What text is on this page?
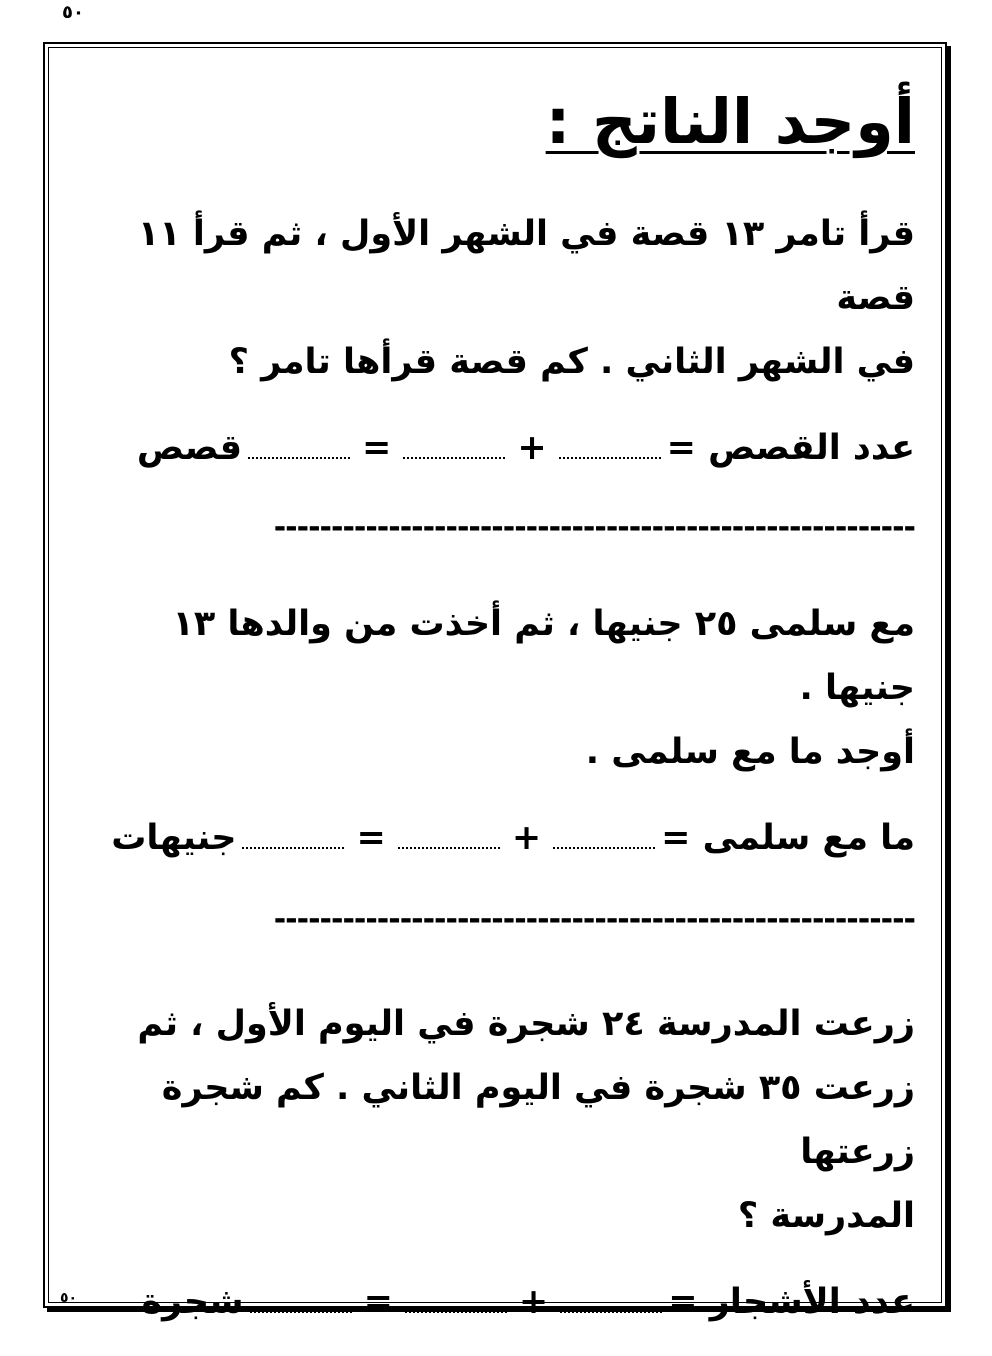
٥٠
أوجد الناتج :

قرأ تامر ١٣ قصة في الشهر الأول ، ثم قرأ ١١ قصة

في الشهر الثاني . كم قصة قرأها تامر ؟

عدد القصص =
+
=
قصص
--------------------------------------------------------

مع سلمى ٢٥ جنيها ، ثم أخذت من والدها ١٣ جنيها .

أوجد ما مع سلمى .

ما مع سلمى =
+
=
جنيهات
--------------------------------------------------------

زرعت المدرسة ٢٤ شجرة في اليوم الأول ، ثم

زرعت ٣٥ شجرة في اليوم الثاني . كم شجرة زرعتها

المدرسة ؟

عدد الأشجار =
+
=
شجرة
٥٠
